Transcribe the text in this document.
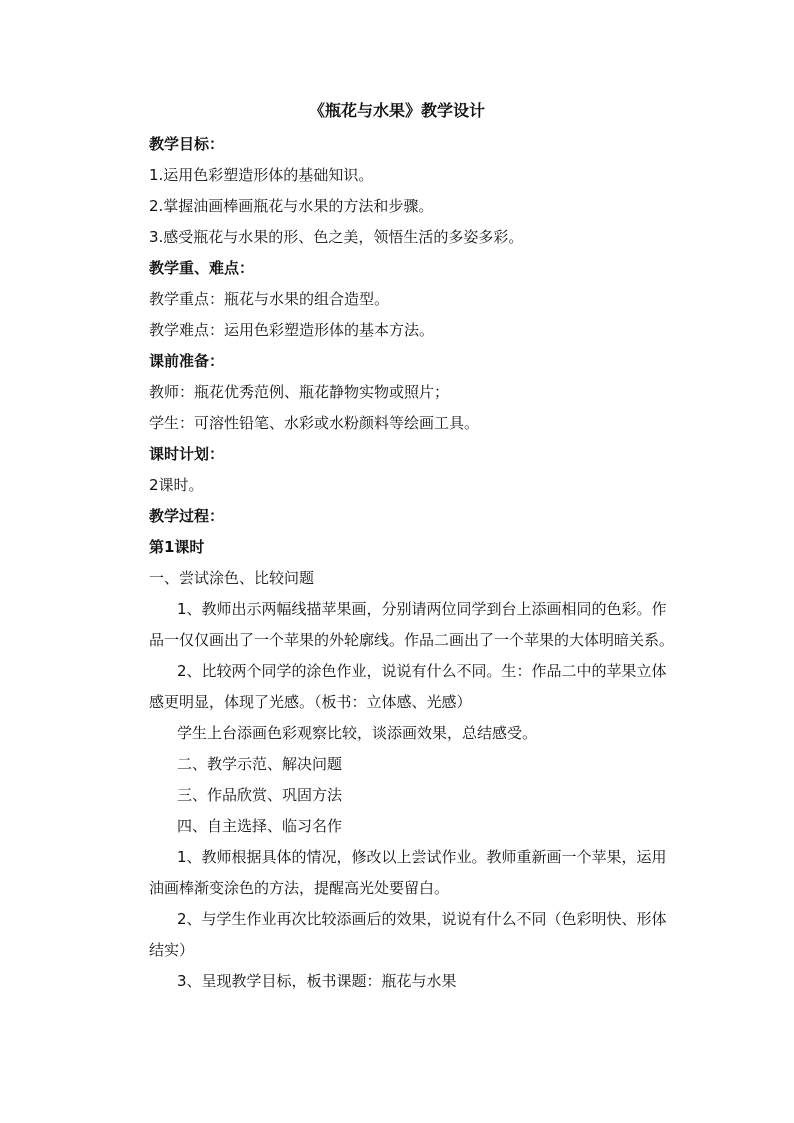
《瓶花与水果》教学设计
教学目标：
1.运用色彩塑造形体的基础知识。
2.掌握油画棒画瓶花与水果的方法和步骤。
3.感受瓶花与水果的形、色之美，领悟生活的多姿多彩。
教学重、难点：
教学重点：瓶花与水果的组合造型。
教学难点：运用色彩塑造形体的基本方法。
课前准备：
教师：瓶花优秀范例、瓶花静物实物或照片；
学生：可溶性铅笔、水彩或水粉颜料等绘画工具。
课时计划：
2课时。
教学过程：
第1课时
一、尝试涂色、比较问题
1、教师出示两幅线描苹果画，分别请两位同学到台上添画相同的色彩。作品一仅仅画出了一个苹果的外轮廓线。作品二画出了一个苹果的大体明暗关系。
2、比较两个同学的涂色作业，说说有什么不同。生：作品二中的苹果立体感更明显，体现了光感。（板书：立体感、光感）
学生上台添画色彩观察比较，谈添画效果，总结感受。
二、教学示范、解决问题
三、作品欣赏、巩固方法
四、自主选择、临习名作
1、教师根据具体的情况，修改以上尝试作业。教师重新画一个苹果，运用油画棒渐变涂色的方法，提醒高光处要留白。
2、与学生作业再次比较添画后的效果，说说有什么不同（色彩明快、形体结实）
3、呈现教学目标，板书课题：瓶花与水果
